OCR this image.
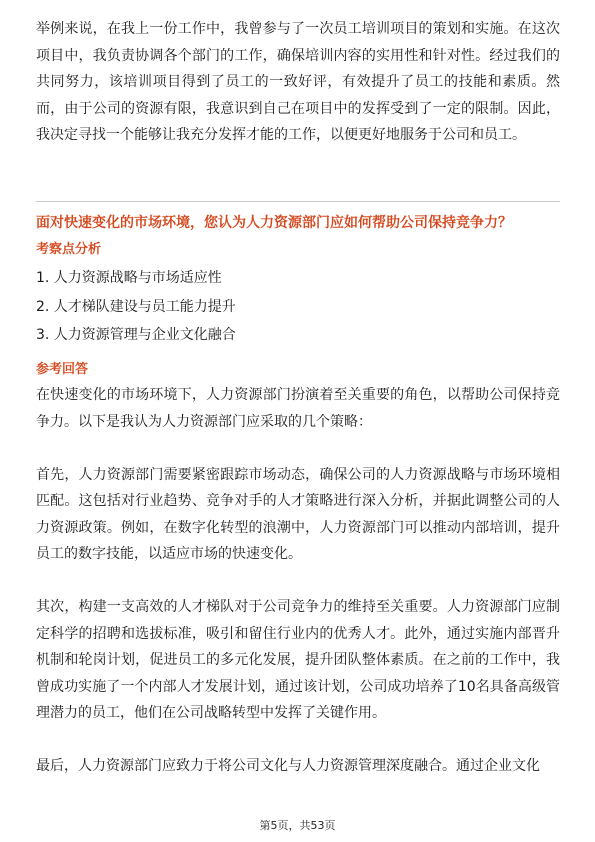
举例来说，在我上一份工作中，我曾参与了一次员工培训项目的策划和实施。在这次项目中，我负责协调各个部门的工作，确保培训内容的实用性和针对性。经过我们的共同努力，该培训项目得到了员工的一致好评，有效提升了员工的技能和素质。然而，由于公司的资源有限，我意识到自己在项目中的发挥受到了一定的限制。因此，我决定寻找一个能够让我充分发挥才能的工作，以便更好地服务于公司和员工。

面对快速变化的市场环境，您认为人力资源部门应如何帮助公司保持竞争力？

考察点分析

1. 人力资源战略与市场适应性
2. 人才梯队建设与员工能力提升
3. 人力资源管理与企业文化融合

参考回答

在快速变化的市场环境下，人力资源部门扮演着至关重要的角色，以帮助公司保持竞争力。以下是我认为人力资源部门应采取的几个策略：

首先，人力资源部门需要紧密跟踪市场动态，确保公司的人力资源战略与市场环境相匹配。这包括对行业趋势、竞争对手的人才策略进行深入分析，并据此调整公司的人力资源政策。例如，在数字化转型的浪潮中，人力资源部门可以推动内部培训，提升员工的数字技能，以适应市场的快速变化。

其次，构建一支高效的人才梯队对于公司竞争力的维持至关重要。人力资源部门应制定科学的招聘和选拔标准，吸引和留住行业内的优秀人才。此外，通过实施内部晋升机制和轮岗计划，促进员工的多元化发展，提升团队整体素质。在之前的工作中，我曾成功实施了一个内部人才发展计划，通过该计划，公司成功培养了10名具备高级管理潜力的员工，他们在公司战略转型中发挥了关键作用。

最后，人力资源部门应致力于将公司文化与人力资源管理深度融合。通过企业文化

第5页，共53页
